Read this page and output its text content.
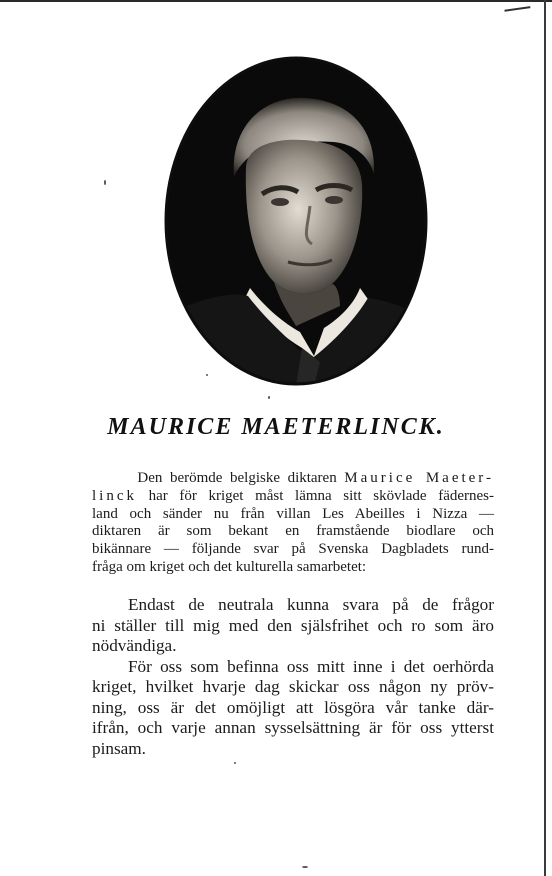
MAURICE MAETERLINCK.
Den berömde belgiske diktaren Maurice Maeter-
linck har för kriget måst lämna sitt skövlade fädernes-
land och sänder nu från villan Les Abeilles i Nizza —
diktaren är som bekant en framstående biodlare och
bikännare — följande svar på Svenska Dagbladets rund-
fråga om kriget och det kulturella samarbetet:
Endast de neutrala kunna svara på de frågor
ni ställer till mig med den själsfrihet och ro som äro
nödvändiga.
För oss som befinna oss mitt inne i det oerhörda
kriget, hvilket hvarje dag skickar oss någon ny pröv-
ning, oss är det omöjligt att lösgöra vår tanke där-
ifrån, och varje annan sysselsättning är för oss ytterst
pinsam.
